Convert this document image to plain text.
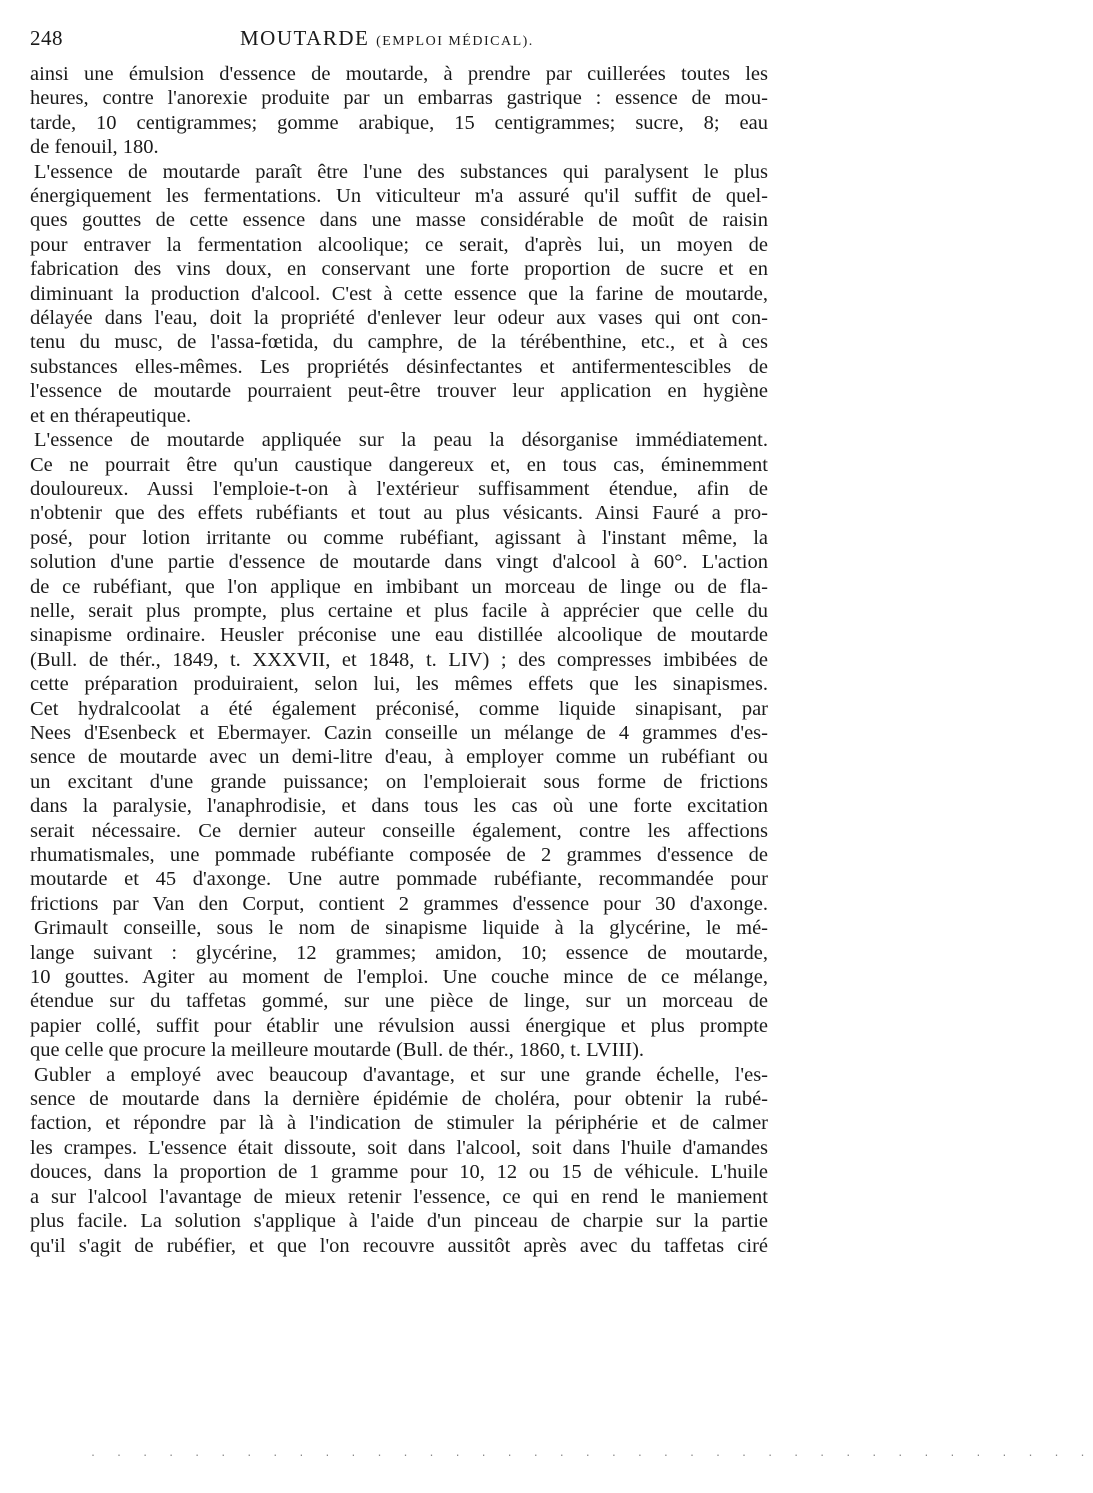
248	MOUTARDE (EMPLOI MÉDICAL).
ainsi une émulsion d'essence de moutarde, à prendre par cuillerées toutes les
heures, contre l'anorexie produite par un embarras gastrique : essence de mou-
tarde, 10 centigrammes; gomme arabique, 15 centigrammes; sucre, 8; eau
de fenouil, 180.
L'essence de moutarde paraît être l'une des substances qui paralysent le plus
énergiquement les fermentations. Un viticulteur m'a assuré qu'il suffit de quel-
ques gouttes de cette essence dans une masse considérable de moût de raisin
pour entraver la fermentation alcoolique; ce serait, d'après lui, un moyen de
fabrication des vins doux, en conservant une forte proportion de sucre et en
diminuant la production d'alcool. C'est à cette essence que la farine de moutarde,
délayée dans l'eau, doit la propriété d'enlever leur odeur aux vases qui ont con-
tenu du musc, de l'assa-fœtida, du camphre, de la térébenthine, etc., et à ces
substances elles-mêmes. Les propriétés désinfectantes et antifermentescibles de
l'essence de moutarde pourraient peut-être trouver leur application en hygiène
et en thérapeutique.
L'essence de moutarde appliquée sur la peau la désorganise immédiatement.
Ce ne pourrait être qu'un caustique dangereux et, en tous cas, éminemment
douloureux. Aussi l'emploie-t-on à l'extérieur suffisamment étendue, afin de
n'obtenir que des effets rubéfiants et tout au plus vésicants. Ainsi Fauré a pro-
posé, pour lotion irritante ou comme rubéfiant, agissant à l'instant même, la
solution d'une partie d'essence de moutarde dans vingt d'alcool à 60°. L'action
de ce rubéfiant, que l'on applique en imbibant un morceau de linge ou de fla-
nelle, serait plus prompte, plus certaine et plus facile à apprécier que celle du
sinapisme ordinaire. Heusler préconise une eau distillée alcoolique de moutarde
(Bull. de thér., 1849, t. XXXVII, et 1848, t. LIV) ; des compresses imbibées de
cette préparation produiraient, selon lui, les mêmes effets que les sinapismes.
Cet hydralcoolat a été également préconisé, comme liquide sinapisant, par
Nees d'Esenbeck et Ebermayer. Cazin conseille un mélange de 4 grammes d'es-
sence de moutarde avec un demi-litre d'eau, à employer comme un rubéfiant ou
un excitant d'une grande puissance; on l'emploierait sous forme de frictions
dans la paralysie, l'anaphrodisie, et dans tous les cas où une forte excitation
serait nécessaire. Ce dernier auteur conseille également, contre les affections
rhumatismales, une pommade rubéfiante composée de 2 grammes d'essence de
moutarde et 45 d'axonge. Une autre pommade rubéfiante, recommandée pour
frictions par Van den Corput, contient 2 grammes d'essence pour 30 d'axonge.
Grimault conseille, sous le nom de sinapisme liquide à la glycérine, le mé-
lange suivant : glycérine, 12 grammes; amidon, 10; essence de moutarde,
10 gouttes. Agiter au moment de l'emploi. Une couche mince de ce mélange,
étendue sur du taffetas gommé, sur une pièce de linge, sur un morceau de
papier collé, suffit pour établir une révulsion aussi énergique et plus prompte
que celle que procure la meilleure moutarde (Bull. de thér., 1860, t. LVIII).
Gubler a employé avec beaucoup d'avantage, et sur une grande échelle, l'es-
sence de moutarde dans la dernière épidémie de choléra, pour obtenir la rubé-
faction, et répondre par là à l'indication de stimuler la périphérie et de calmer
les crampes. L'essence était dissoute, soit dans l'alcool, soit dans l'huile d'amandes
douces, dans la proportion de 1 gramme pour 10, 12 ou 15 de véhicule. L'huile
a sur l'alcool l'avantage de mieux retenir l'essence, ce qui en rend le maniement
plus facile. La solution s'applique à l'aide d'un pinceau de charpie sur la partie
qu'il s'agit de rubéfier, et que l'on recouvre aussitôt après avec du taffetas ciré
. . . . . . . . . . . . . . . . . . . . . . . . . . . . . . . . . . . . . . .
